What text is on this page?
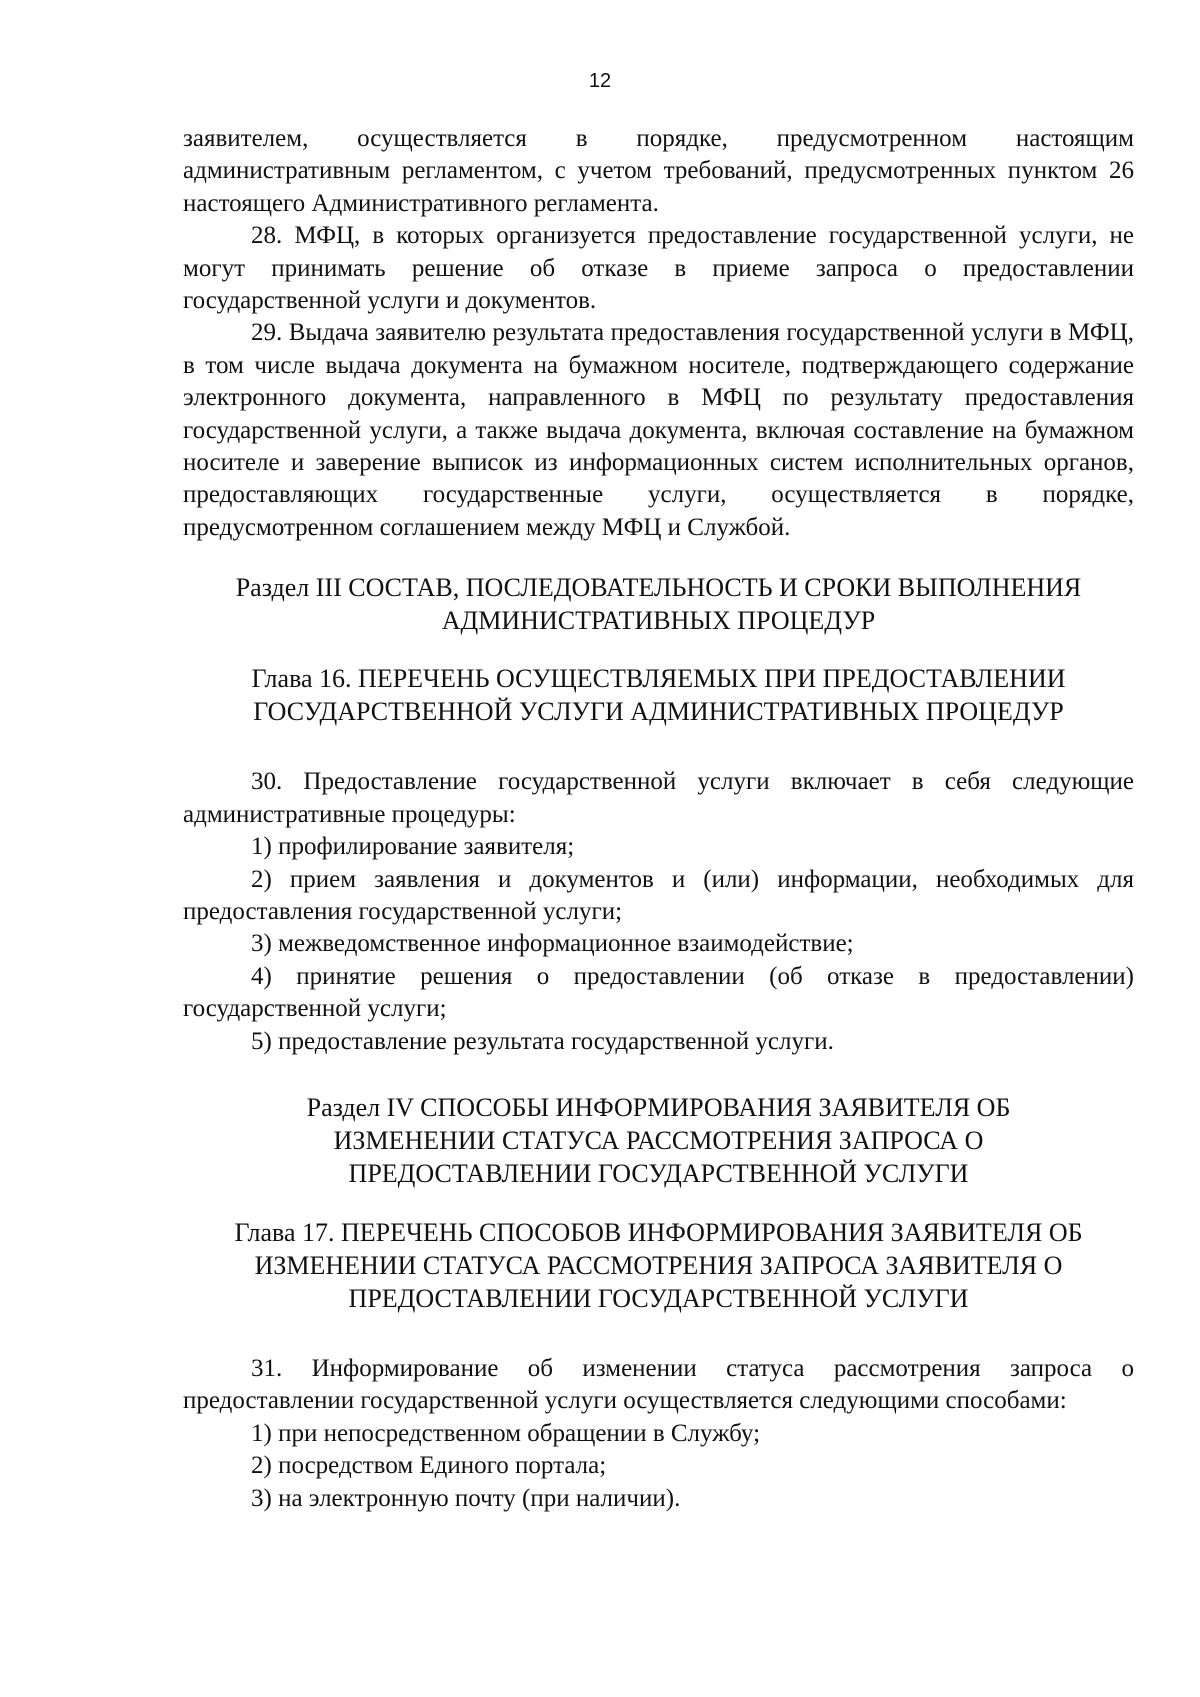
12

заявителем, осуществляется в порядке, предусмотренном настоящим административным регламентом, с учетом требований, предусмотренных пунктом 26 настоящего Административного регламента.

28. МФЦ, в которых организуется предоставление государственной услуги, не могут принимать решение об отказе в приеме запроса о предоставлении государственной услуги и документов.

29. Выдача заявителю результата предоставления государственной услуги в МФЦ, в том числе выдача документа на бумажном носителе, подтверждающего содержание электронного документа, направленного в МФЦ по результату предоставления государственной услуги, а также выдача документа, включая составление на бумажном носителе и заверение выписок из информационных систем исполнительных органов, предоставляющих государственные услуги, осуществляется в порядке, предусмотренном соглашением между МФЦ и Службой.

Раздел III СОСТАВ, ПОСЛЕДОВАТЕЛЬНОСТЬ И СРОКИ ВЫПОЛНЕНИЯ
АДМИНИСТРАТИВНЫХ ПРОЦЕДУР
Глава 16. ПЕРЕЧЕНЬ ОСУЩЕСТВЛЯЕМЫХ ПРИ ПРЕДОСТАВЛЕНИИ
ГОСУДАРСТВЕННОЙ УСЛУГИ АДМИНИСТРАТИВНЫХ ПРОЦЕДУР

30. Предоставление государственной услуги включает в себя следующие административные процедуры:

1) профилирование заявителя;

2) прием заявления и документов и (или) информации, необходимых для предоставления государственной услуги;

3) межведомственное информационное взаимодействие;

4) принятие решения о предоставлении (об отказе в предоставлении) государственной услуги;

5) предоставление результата государственной услуги.

Раздел IV СПОСОБЫ ИНФОРМИРОВАНИЯ ЗАЯВИТЕЛЯ ОБ
ИЗМЕНЕНИИ СТАТУСА РАССМОТРЕНИЯ ЗАПРОСА О
ПРЕДОСТАВЛЕНИИ ГОСУДАРСТВЕННОЙ УСЛУГИ
Глава 17. ПЕРЕЧЕНЬ СПОСОБОВ ИНФОРМИРОВАНИЯ ЗАЯВИТЕЛЯ ОБ
ИЗМЕНЕНИИ СТАТУСА РАССМОТРЕНИЯ ЗАПРОСА ЗАЯВИТЕЛЯ О
ПРЕДОСТАВЛЕНИИ ГОСУДАРСТВЕННОЙ УСЛУГИ

31. Информирование об изменении статуса рассмотрения запроса о предоставлении государственной услуги осуществляется следующими способами:

1) при непосредственном обращении в Службу;

2) посредством Единого портала;

3) на электронную почту (при наличии).
